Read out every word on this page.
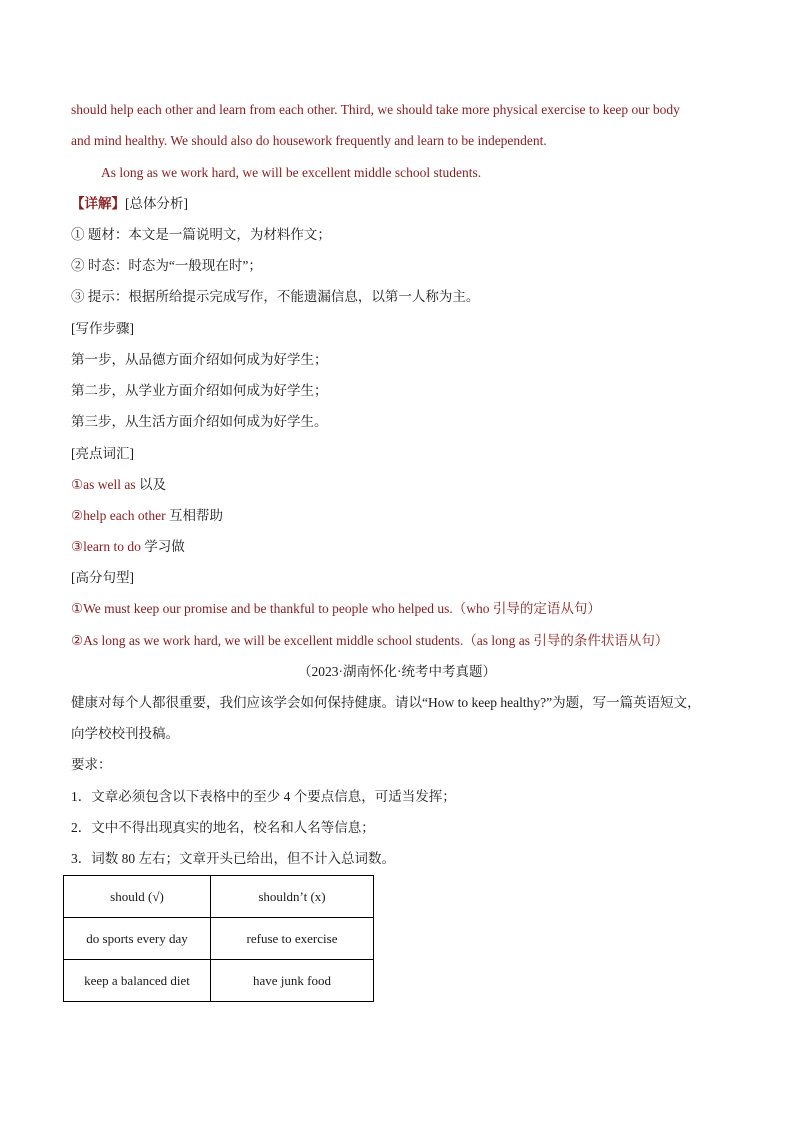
should help each other and learn from each other. Third, we should take more physical exercise to keep our body
and mind healthy. We should also do housework frequently and learn to be independent.
As long as we work hard, we will be excellent middle school students.
【详解】[总体分析]
① 题材：本文是一篇说明文，为材料作文；
② 时态：时态为“一般现在时”；
③ 提示：根据所给提示完成写作，不能遗漏信息，以第一人称为主。
[写作步骤]
第一步，从品德方面介绍如何成为好学生；
第二步，从学业方面介绍如何成为好学生；
第三步，从生活方面介绍如何成为好学生。
[亮点词汇]
①as well as 以及
②help each other 互相帮助
③learn to do 学习做
[高分句型]
①We must keep our promise and be thankful to people who helped us.（who 引导的定语从句）
②As long as we work hard, we will be excellent middle school students.（as long as 引导的条件状语从句）
（2023·湖南怀化·统考中考真题）
健康对每个人都很重要，我们应该学会如何保持健康。请以“How to keep healthy?”为题，写一篇英语短文，
向学校校刊投稿。
要求：
1．文章必须包含以下表格中的至少 4 个要点信息，可适当发挥；
2．文中不得出现真实的地名，校名和人名等信息；
3．词数 80 左右；文章开头已给出，但不计入总词数。
should (√)	shouldn’t (x)
do sports every day	refuse to exercise
keep a balanced diet	have junk food
